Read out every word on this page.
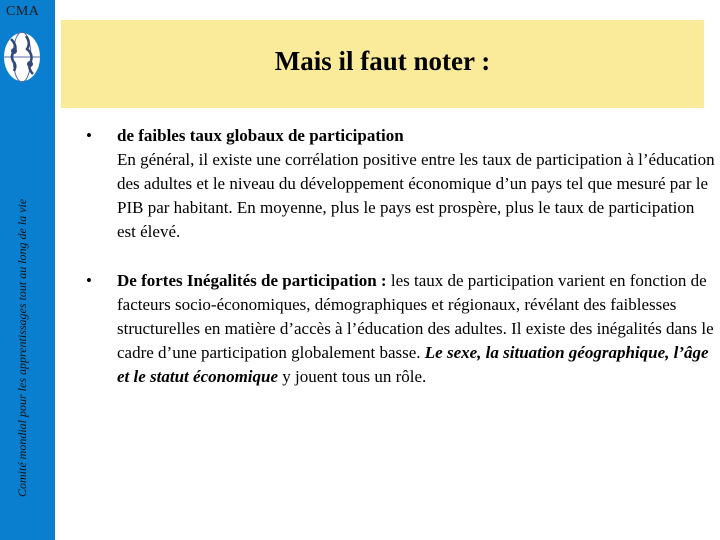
CMA
Comité mondial pour les apprentissages tout au long de la vie
Mais il faut noter :
• de faibles taux globaux de participation
En général, il existe une corrélation positive entre les taux de participation à l’éducation des adultes et le niveau du développement économique d’un pays tel que mesuré par le PIB par habitant. En moyenne, plus le pays est prospère, plus le taux de participation est élevé.
• De fortes Inégalités de participation : les taux de participation varient en fonction de facteurs socio-économiques, démographiques et régionaux, révélant des faiblesses structurelles en matière d’accès à l’éducation des adultes. Il existe des inégalités dans le cadre d’une participation globalement basse. Le sexe, la situation géographique, l’âge et le statut économique y jouent tous un rôle.
